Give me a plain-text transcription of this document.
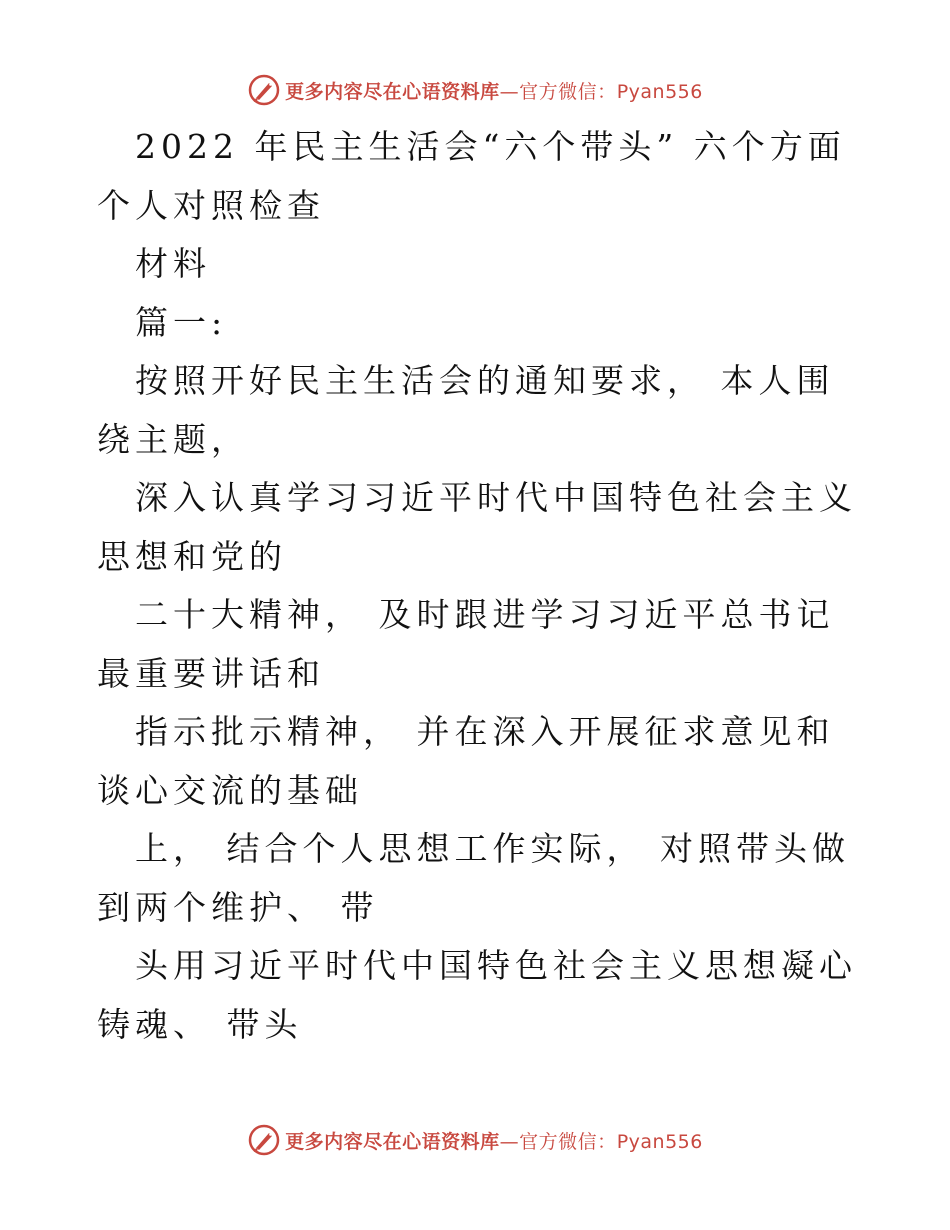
更多内容尽在心语资料库—官方微信：Pyan556

2022 年民主生活会“六个带头” 六个方面个人对照检查

材料

篇一:

按照开好民主生活会的通知要求， 本人围绕主题，

深入认真学习习近平时代中国特色社会主义思想和党的

二十大精神， 及时跟进学习习近平总书记最重要讲话和

指示批示精神， 并在深入开展征求意见和谈心交流的基础

上， 结合个人思想工作实际， 对照带头做到两个维护、 带

头用习近平时代中国特色社会主义思想凝心铸魂、 带头

更多内容尽在心语资料库—官方微信：Pyan556
